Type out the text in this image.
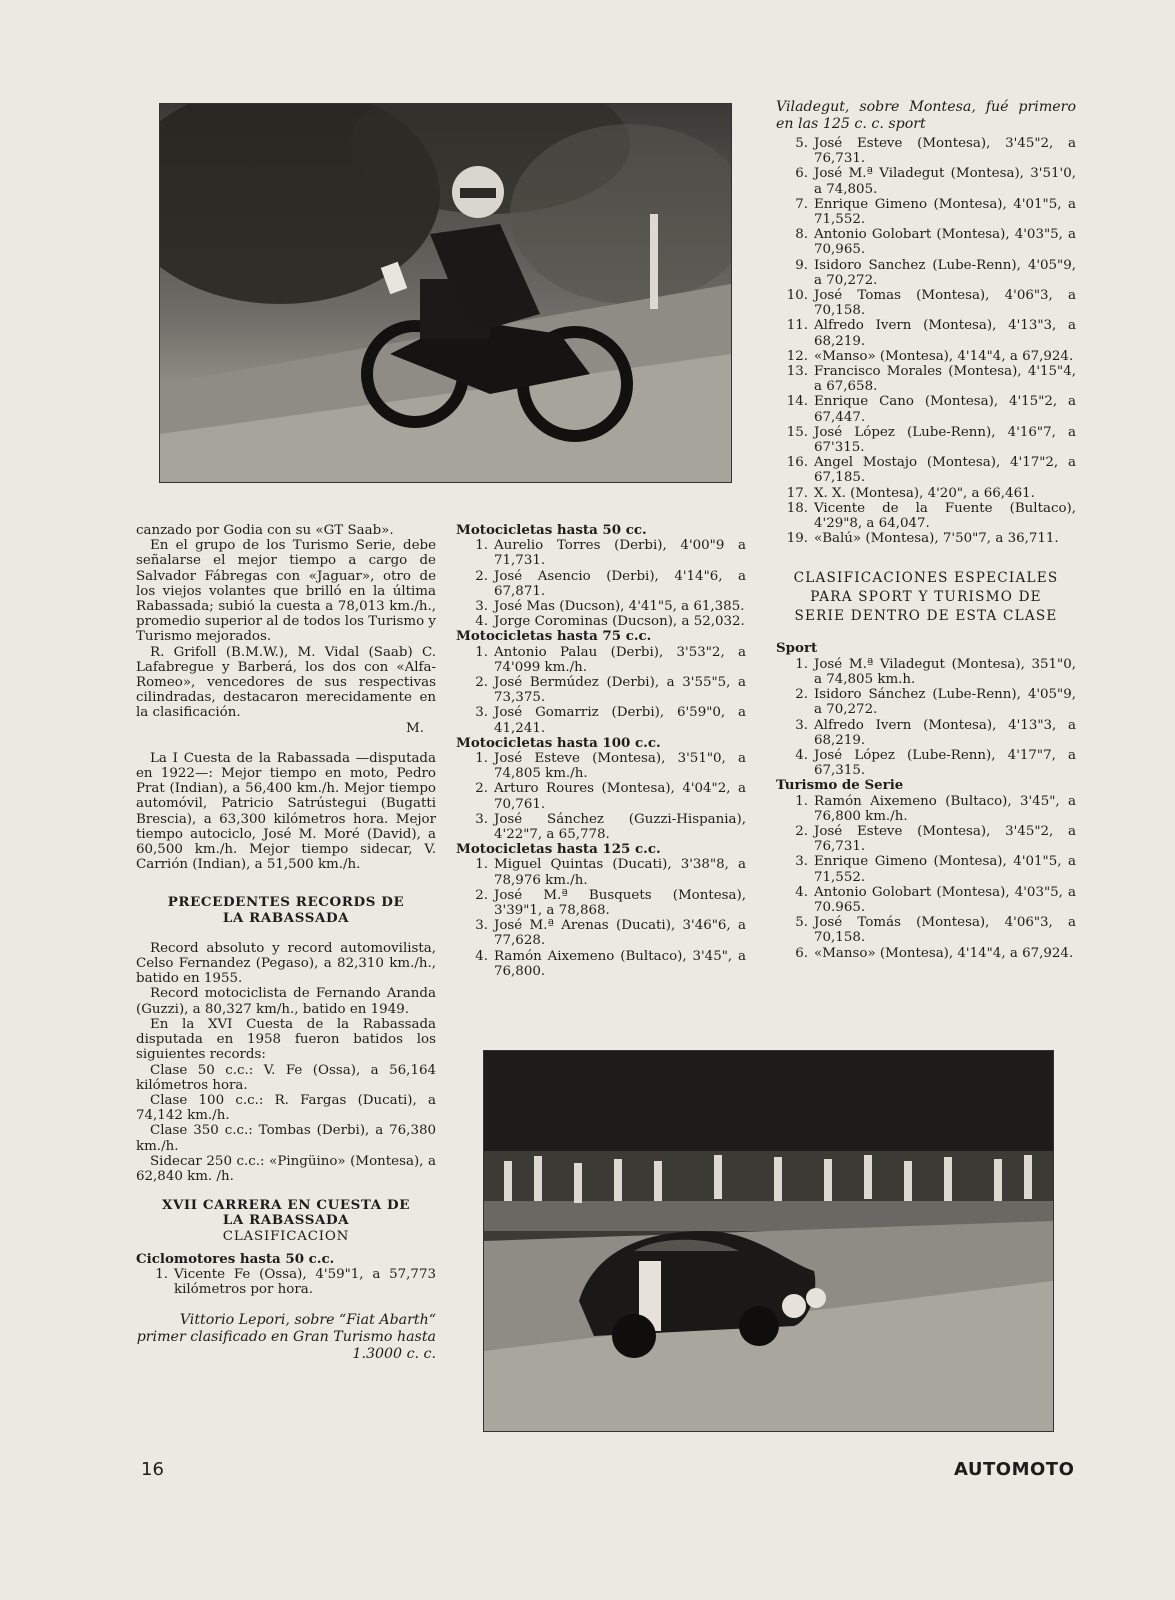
canzado por Godia con su «GT Saab».

En el grupo de los Turismo Serie, debe señalarse el mejor tiempo a cargo de Salvador Fábregas con «Jaguar», otro de los viejos volantes que brilló en la última Rabassada; subió la cuesta a 78,013 km./h., promedio superior al de todos los Turismo y Turismo mejorados.

R. Grifoll (B.M.W.), M. Vidal (Saab) C. Lafabregue y Barberá, los dos con «Alfa-Romeo», vencedores de sus respectivas cilindradas, destacaron merecidamente en la clasificación.

M.

La I Cuesta de la Rabassada —disputada en 1922—: Mejor tiempo en moto, Pedro Prat (Indian), a 56,400 km./h. Mejor tiempo automóvil, Patricio Satrústegui (Bugatti Brescia), a 63,300 kilómetros hora. Mejor tiempo autociclo, José M. Moré (David), a 60,500 km./h. Mejor tiempo sidecar, V. Carrión (Indian), a 51,500 km./h.

PRECEDENTES RECORDS DE
LA RABASSADA

Record absoluto y record automovilista, Celso Fernandez (Pegaso), a 82,310 km./h., batido en 1955.

Record motociclista de Fernando Aranda (Guzzi), a 80,327 km/h., batido en 1949.

En la XVI Cuesta de la Rabassada disputada en 1958 fueron batidos los siguientes records:

Clase 50 c.c.: V. Fe (Ossa), a 56,164 kilómetros hora.

Clase 100 c.c.: R. Fargas (Ducati), a 74,142 km./h.

Clase 350 c.c.: Tombas (Derbi), a 76,380 km./h.

Sidecar 250 c.c.: «Pingüino» (Montesa), a 62,840 km. /h.

XVII CARRERA EN CUESTA DE
LA RABASSADA

CLASIFICACION

Ciclomotores hasta 50 c.c.

1. Vicente Fe (Ossa), 4'59"1, a 57,773 kilómetros por hora.

Vittorio Lepori, sobre “Fiat Abarth“ primer clasificado en Gran Turismo hasta 1.3000 c. c.

Motocicletas hasta 50 cc.

1. Aurelio Torres (Derbi), 4'00"9 a 71,731.
2. José Asencio (Derbi), 4'14"6, a 67,871.
3. José Mas (Ducson), 4'41"5, a 61,385.
4. Jorge Corominas (Ducson), a 52,032.

Motocicletas hasta 75 c.c.

1. Antonio Palau (Derbi), 3'53"2, a 74'099 km./h.
2. José Bermúdez (Derbi), a 3'55"5, a 73,375.
3. José Gomarriz (Derbi), 6'59"0, a 41,241.

Motocicletas hasta 100 c.c.

1. José Esteve (Montesa), 3'51"0, a 74,805 km./h.
2. Arturo Roures (Montesa), 4'04"2, a 70,761.
3. José Sánchez (Guzzi-Hispania), 4'22"7, a 65,778.

Motocicletas hasta 125 c.c.

1. Miguel Quintas (Ducati), 3'38"8, a 78,976 km./h.
2. José M.ª Busquets (Montesa), 3'39"1, a 78,868.
3. José M.ª Arenas (Ducati), 3'46"6, a 77,628.
4. Ramón Aixemeno (Bultaco), 3'45", a 76,800.

Viladegut, sobre Montesa, fué primero en las 125 c. c. sport

5. José Esteve (Montesa), 3'45"2, a 76,731.
6. José M.ª Viladegut (Montesa), 3'51'0, a 74,805.
7. Enrique Gimeno (Montesa), 4'01"5, a 71,552.
8. Antonio Golobart (Montesa), 4'03"5, a 70,965.
9. Isidoro Sanchez (Lube-Renn), 4'05"9, a 70,272.
10. José Tomas (Montesa), 4'06"3, a 70,158.
11. Alfredo Ivern (Montesa), 4'13"3, a 68,219.
12. «Manso» (Montesa), 4'14"4, a 67,924.
13. Francisco Morales (Montesa), 4'15"4, a 67,658.
14. Enrique Cano (Montesa), 4'15"2, a 67,447.
15. José López (Lube-Renn), 4'16"7, a 67'315.
16. Angel Mostajo (Montesa), 4'17"2, a 67,185.
17. X. X. (Montesa), 4'20", a 66,461.
18. Vicente de la Fuente (Bultaco), 4'29"8, a 64,047.
19. «Balú» (Montesa), 7'50"7, a 36,711.

CLASIFICACIONES ESPECIALES
PARA SPORT Y TURISMO DE
SERIE DENTRO DE ESTA CLASE

Sport

1. José M.ª Viladegut (Montesa), 351"0, a 74,805 km.h.
2. Isidoro Sánchez (Lube-Renn), 4'05"9, a 70,272.
3. Alfredo Ivern (Montesa), 4'13"3, a 68,219.
4. José López (Lube-Renn), 4'17"7, a 67,315.

Turismo de Serie

1. Ramón Aixemeno (Bultaco), 3'45", a 76,800 km./h.
2. José Esteve (Montesa), 3'45"2, a 76,731.
3. Enrique Gimeno (Montesa), 4'01"5, a 71,552.
4. Antonio Golobart (Montesa), 4'03"5, a 70.965.
5. José Tomás (Montesa), 4'06"3, a 70,158.
6. «Manso» (Montesa), 4'14"4, a 67,924.
16	AUTOMOTO
